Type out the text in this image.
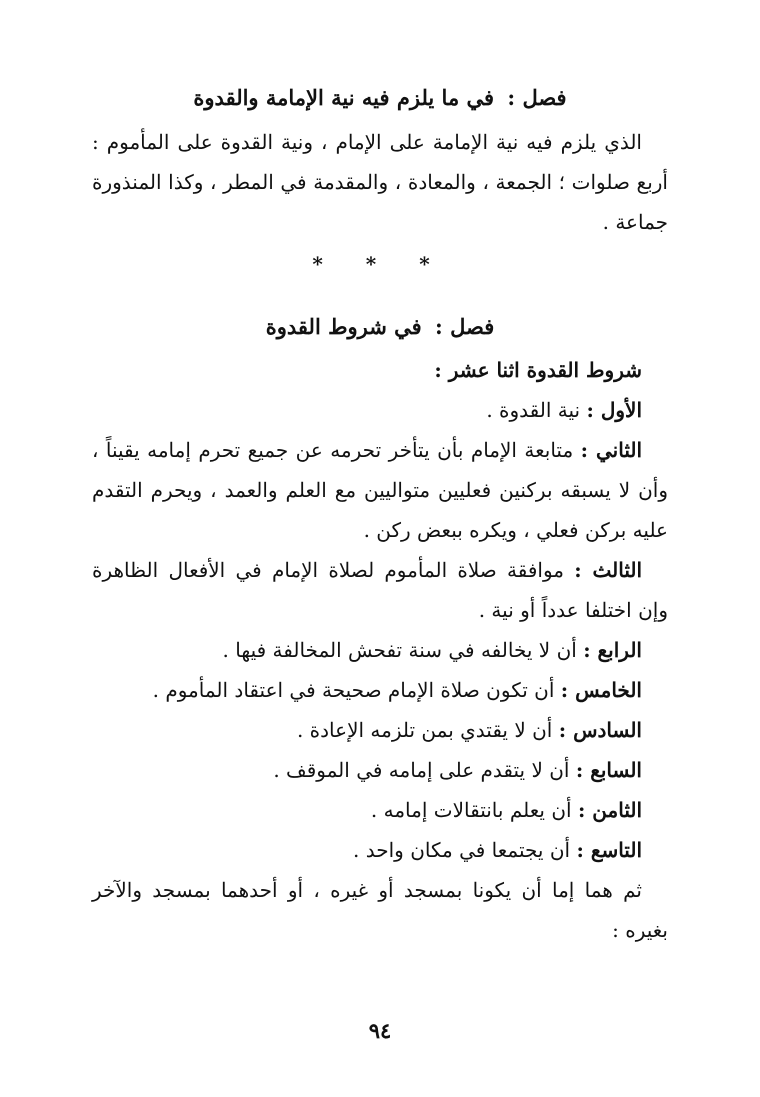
فصل : في ما يلزم فيه نية الإمامة والقدوة

الذي يلزم فيه نية الإمامة على الإمام ، ونية القدوة على المأموم : أربع صلوات ؛ الجمعة ، والمعادة ، والمقدمة في المطر ، وكذا المنذورة جماعة .

* * *
فصل : في شروط القدوة

شروط القدوة اثنا عشر :

الأول : نية القدوة .

الثاني : متابعة الإمام بأن يتأخر تحرمه عن جميع تحرم إمامه يقيناً ، وأن لا يسبقه بركنين فعليين متواليين مع العلم والعمد ، ويحرم التقدم عليه بركن فعلي ، ويكره ببعض ركن .

الثالث : موافقة صلاة المأموم لصلاة الإمام في الأفعال الظاهرة وإن اختلفا عدداً أو نية .

الرابع : أن لا يخالفه في سنة تفحش المخالفة فيها .

الخامس : أن تكون صلاة الإمام صحيحة في اعتقاد المأموم .

السادس : أن لا يقتدي بمن تلزمه الإعادة .

السابع : أن لا يتقدم على إمامه في الموقف .

الثامن : أن يعلم بانتقالات إمامه .

التاسع : أن يجتمعا في مكان واحد .

ثم هما إما أن يكونا بمسجد أو غيره ، أو أحدهما بمسجد والآخر بغيره :

٩٤
